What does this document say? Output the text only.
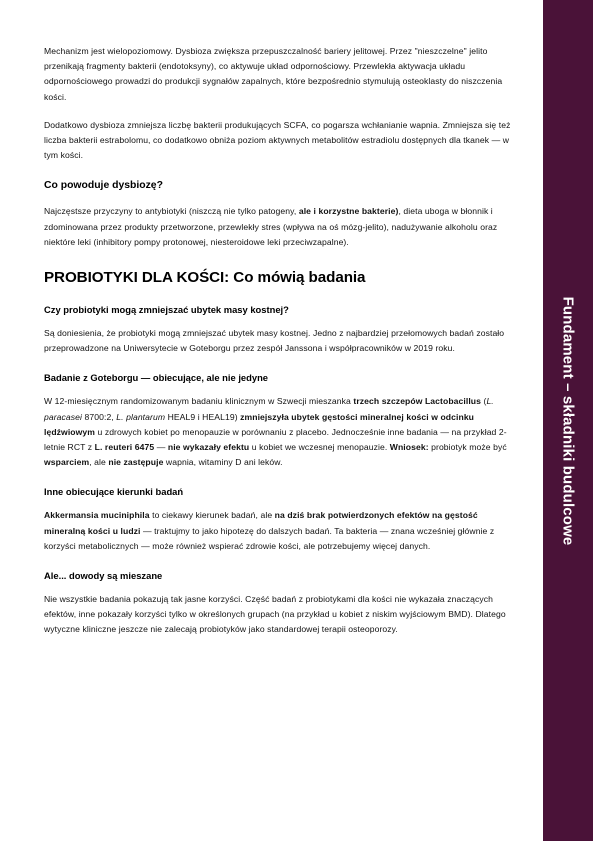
Mechanizm jest wielopoziomowy. Dysbioza zwiększa przepuszczalność bariery jelitowej. Przez "nieszczelne" jelito przenikają fragmenty bakterii (endotoksyny), co aktywuje układ odpornościowy. Przewlekła aktywacja układu odpornościowego prowadzi do produkcji sygnałów zapalnych, które bezpośrednio stymulują osteoklasty do niszczenia kości.

Dodatkowo dysbioza zmniejsza liczbę bakterii produkujących SCFA, co pogarsza wchłanianie wapnia. Zmniejsza się też liczba bakterii estrabolomu, co dodatkowo obniża poziom aktywnych metabolitów estradiolu dostępnych dla tkanek — w tym kości.

Co powoduje dysbiozę?

Najczęstsze przyczyny to antybiotyki (niszczą nie tylko patogeny, ale i korzystne bakterie), dieta uboga w błonnik i zdominowana przez produkty przetworzone, przewlekły stres (wpływa na oś mózg-jelito), nadużywanie alkoholu oraz niektóre leki (inhibitory pompy protonowej, niesteroidowe leki przeciwzapalne).

PROBIOTYKI DLA KOŚCI: Co mówią badania
Czy probiotyki mogą zmniejszać ubytek masy kostnej?

Są doniesienia, że probiotyki mogą zmniejszać ubytek masy kostnej. Jedno z najbardziej przełomowych badań zostało przeprowadzone na Uniwersytecie w Goteborgu przez zespół Janssona i współpracowników w 2019 roku.

Badanie z Goteborgu — obiecujące, ale nie jedyne

W 12-miesięcznym randomizowanym badaniu klinicznym w Szwecji mieszanka trzech szczepów Lactobacillus (L. paracasei 8700:2, L. plantarum HEAL9 i HEAL19) zmniejszyła ubytek gęstości mineralnej kości w odcinku lędźwiowym u zdrowych kobiet po menopauzie w porównaniu z placebo. Jednocześnie inne badania — na przykład 2-letnie RCT z L. reuteri 6475 — nie wykazały efektu u kobiet we wczesnej menopauzie. Wniosek: probiotyk może być wsparciem, ale nie zastępuje wapnia, witaminy D ani leków.

Inne obiecujące kierunki badań

Akkermansia muciniphila to ciekawy kierunek badań, ale na dziś brak potwierdzonych efektów na gęstość mineralną kości u ludzi — traktujmy to jako hipotezę do dalszych badań. Ta bakteria — znana wcześniej głównie z korzyści metabolicznych — może również wspierać zdrowie kości, ale potrzebujemy więcej danych.

Ale... dowody są mieszane

Nie wszystkie badania pokazują tak jasne korzyści. Część badań z probiotykami dla kości nie wykazała znaczących efektów, inne pokazały korzyści tylko w określonych grupach (na przykład u kobiet z niskim wyjściowym BMD). Dlatego wytyczne kliniczne jeszcze nie zalecają probiotyków jako standardowej terapii osteoporozy.

Fundament – składniki budulcowe
